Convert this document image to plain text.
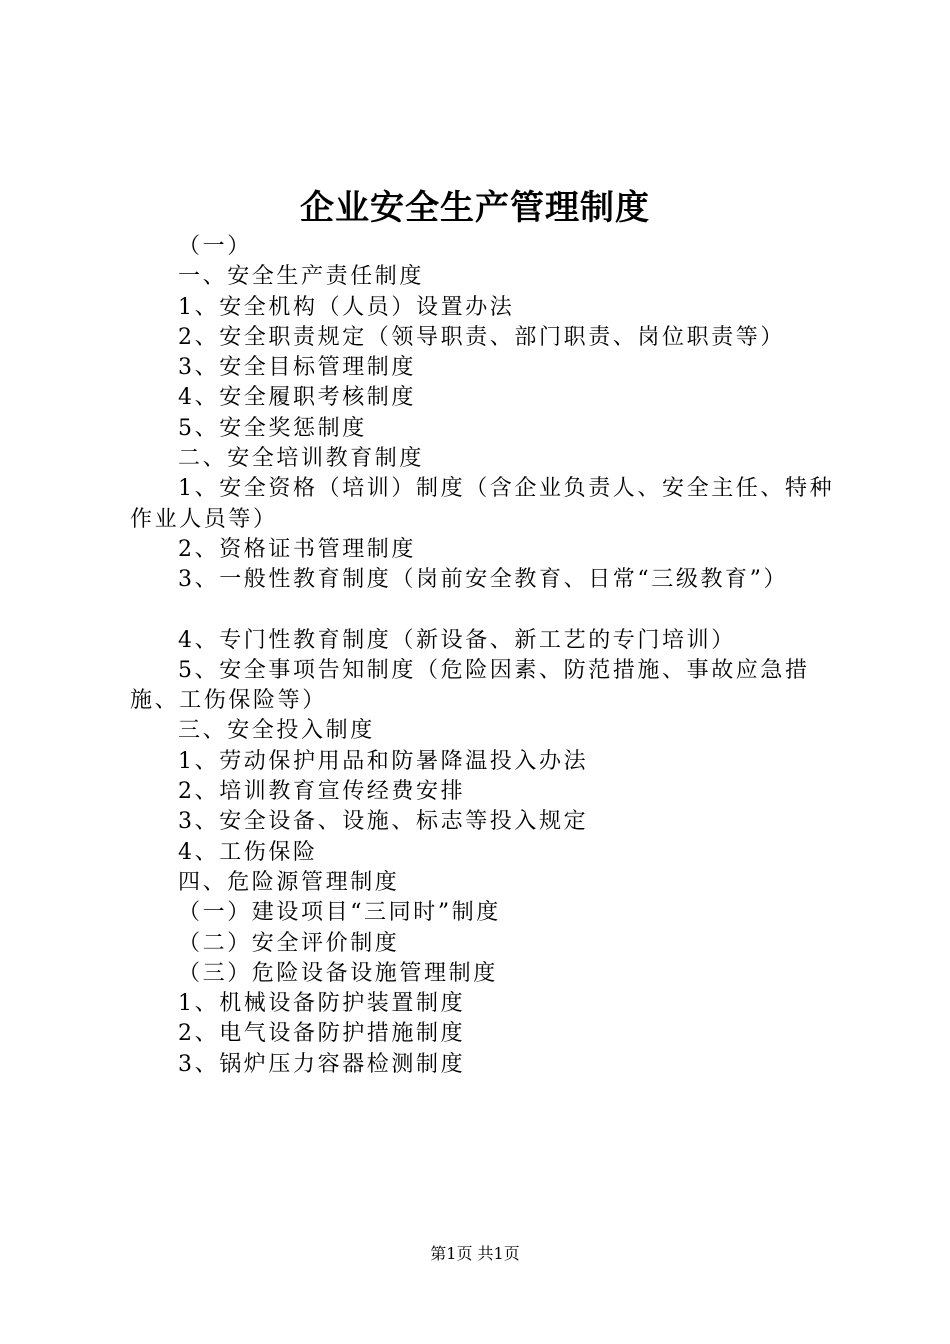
企业安全生产管理制度

（一）

一、安全生产责任制度

1、安全机构（人员）设置办法

2、安全职责规定（领导职责、部门职责、岗位职责等）

3、安全目标管理制度

4、安全履职考核制度

5、安全奖惩制度

二、安全培训教育制度

1、安全资格（培训）制度（含企业负责人、安全主任、特种作业人员等）

2、资格证书管理制度

3、一般性教育制度（岗前安全教育、日常“三级教育”）

4、专门性教育制度（新设备、新工艺的专门培训）

5、安全事项告知制度（危险因素、防范措施、事故应急措施、工伤保险等）

三、安全投入制度

1、劳动保护用品和防暑降温投入办法

2、培训教育宣传经费安排

3、安全设备、设施、标志等投入规定

4、工伤保险

四、危险源管理制度

（一）建设项目“三同时”制度

（二）安全评价制度

（三）危险设备设施管理制度

1、机械设备防护装置制度

2、电气设备防护措施制度

3、锅炉压力容器检测制度

第1页 共1页
